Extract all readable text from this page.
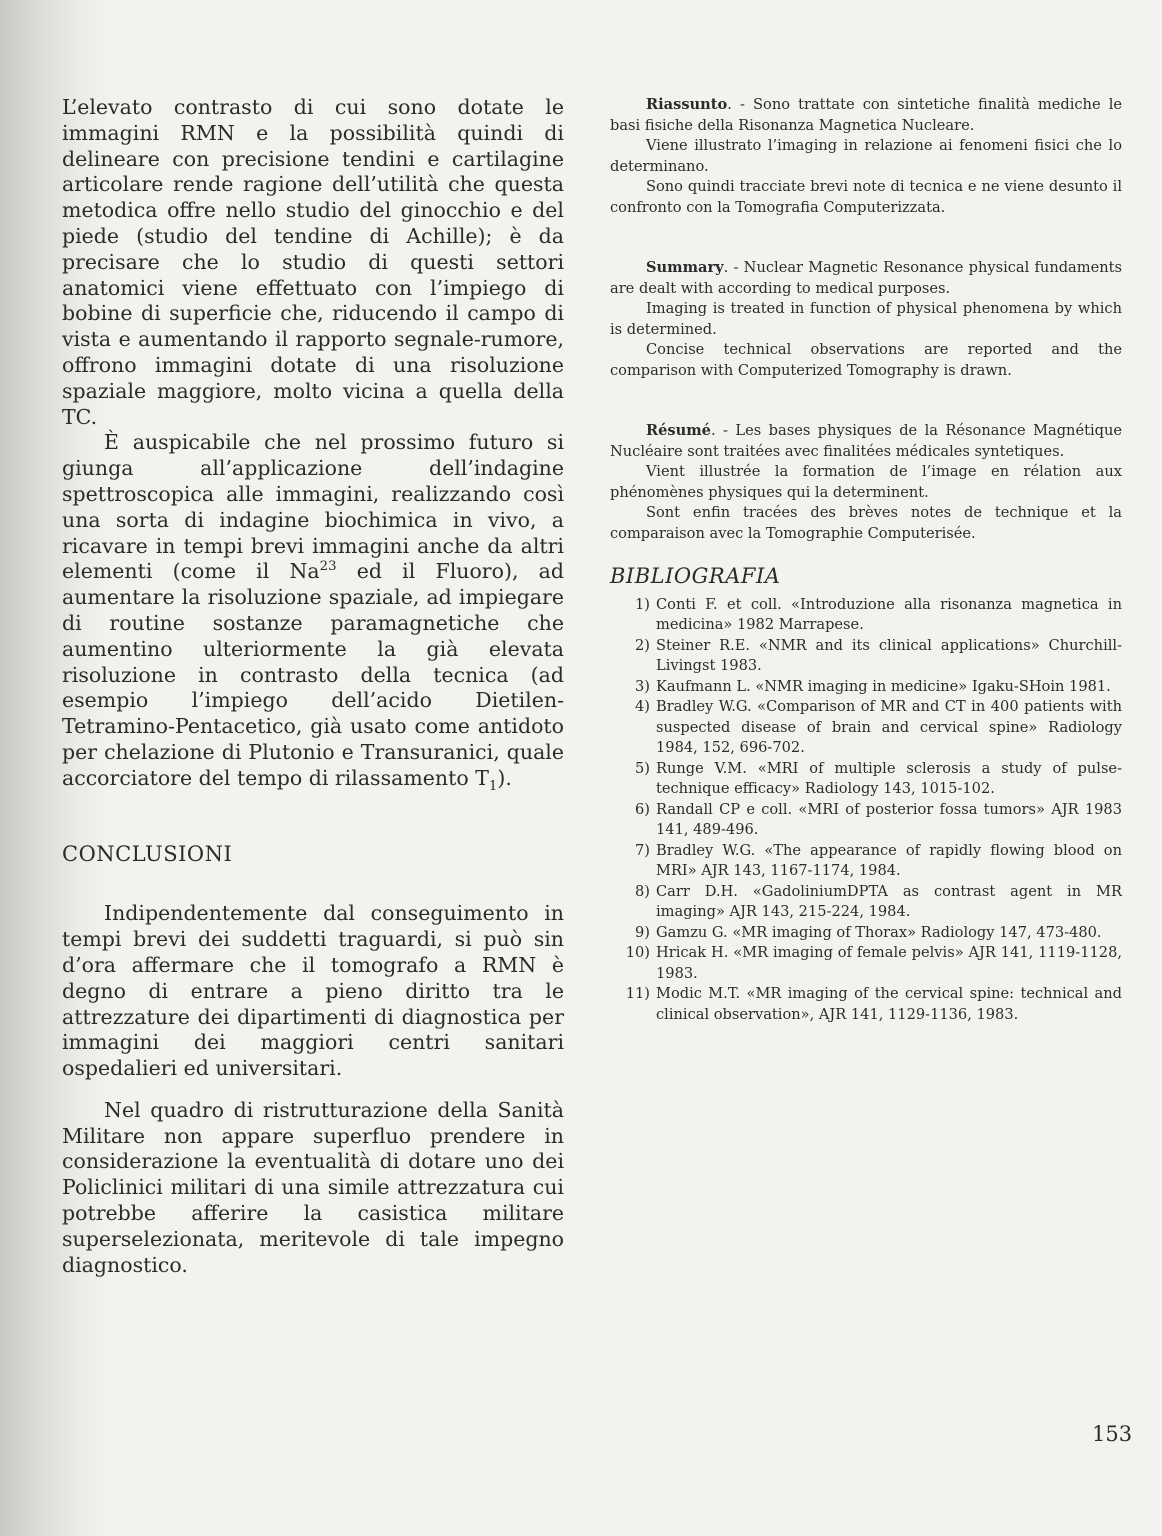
L’elevato contrasto di cui sono dotate le immagini RMN e la possibilità quindi di delineare con precisione tendini e cartilagine articolare rende ragione dell’utilità che questa metodica offre nello studio del ginocchio e del piede (studio del tendine di Achille); è da precisare che lo studio di questi settori anatomici viene effettuato con l’impiego di bobine di superficie che, riducendo il campo di vista e aumentando il rapporto segnale-rumore, offrono immagini dotate di una risoluzione spaziale maggiore, molto vicina a quella della TC.

È auspicabile che nel prossimo futuro si giunga all’applicazione dell’indagine spettroscopica alle immagini, realizzando così una sorta di indagine biochimica in vivo, a ricavare in tempi brevi immagini anche da altri elementi (come il Na$^{23}$ ed il Fluoro), ad aumentare la risoluzione spaziale, ad impiegare di routine sostanze paramagnetiche che aumentino ulteriormente la già elevata risoluzione in contrasto della tecnica (ad esempio l’impiego dell’acido Dietilen-Tetramino-Pentacetico, già usato come antidoto per chelazione di Plutonio e Transuranici, quale accorciatore del tempo di rilassamento $T_1$).

CONCLUSIONI

Indipendentemente dal conseguimento in tempi brevi dei suddetti traguardi, si può sin d’ora affermare che il tomografo a RMN è degno di entrare a pieno diritto tra le attrezzature dei dipartimenti di diagnostica per immagini dei maggiori centri sanitari ospedalieri ed universitari.

Nel quadro di ristrutturazione della Sanità Militare non appare superfluo prendere in considerazione la eventualità di dotare uno dei Policlinici militari di una simile attrezzatura cui potrebbe afferire la casistica militare superselezionata, meritevole di tale impegno diagnostico.

Riassunto. - Sono trattate con sintetiche finalità mediche le basi fisiche della Risonanza Magnetica Nucleare.

Viene illustrato l’imaging in relazione ai fenomeni fisici che lo determinano.

Sono quindi tracciate brevi note di tecnica e ne viene desunto il confronto con la Tomografia Computerizzata.

Summary. - Nuclear Magnetic Resonance physical fundaments are dealt with according to medical purposes.

Imaging is treated in function of physical phenomena by which is determined.

Concise technical observations are reported and the comparison with Computerized Tomography is drawn.

Résumé. - Les bases physiques de la Résonance Magnétique Nucléaire sont traitées avec finalitées médicales syntetiques.

Vient illustrée la formation de l’image en rélation aux phénomènes physiques qui la determinent.

Sont enfin tracées des brèves notes de technique et la comparaison avec la Tomographie Computerisée.

BIBLIOGRAFIA
1) Conti F. et coll. «Introduzione alla risonanza magnetica in medicina» 1982 Marrapese.
2) Steiner R.E. «NMR and its clinical applications» Churchill-Livingst 1983.
3) Kaufmann L. «NMR imaging in medicine» Igaku-SHoin 1981.
4) Bradley W.G. «Comparison of MR and CT in 400 patients with suspected disease of brain and cervical spine» Radiology 1984, 152, 696-702.
5) Runge V.M. «MRI of multiple sclerosis a study of pulse-technique efficacy» Radiology 143, 1015-102.
6) Randall CP e coll. «MRI of posterior fossa tumors» AJR 1983 141, 489-496.
7) Bradley W.G. «The appearance of rapidly flowing blood on MRI» AJR 143, 1167-1174, 1984.
8) Carr D.H. «GadoliniumDPTA as contrast agent in MR imaging» AJR 143, 215-224, 1984.
9) Gamzu G. «MR imaging of Thorax» Radiology 147, 473-480.
10) Hricak H. «MR imaging of female pelvis» AJR 141, 1119-1128, 1983.
11) Modic M.T. «MR imaging of the cervical spine: technical and clinical observation», AJR 141, 1129-1136, 1983.
153
